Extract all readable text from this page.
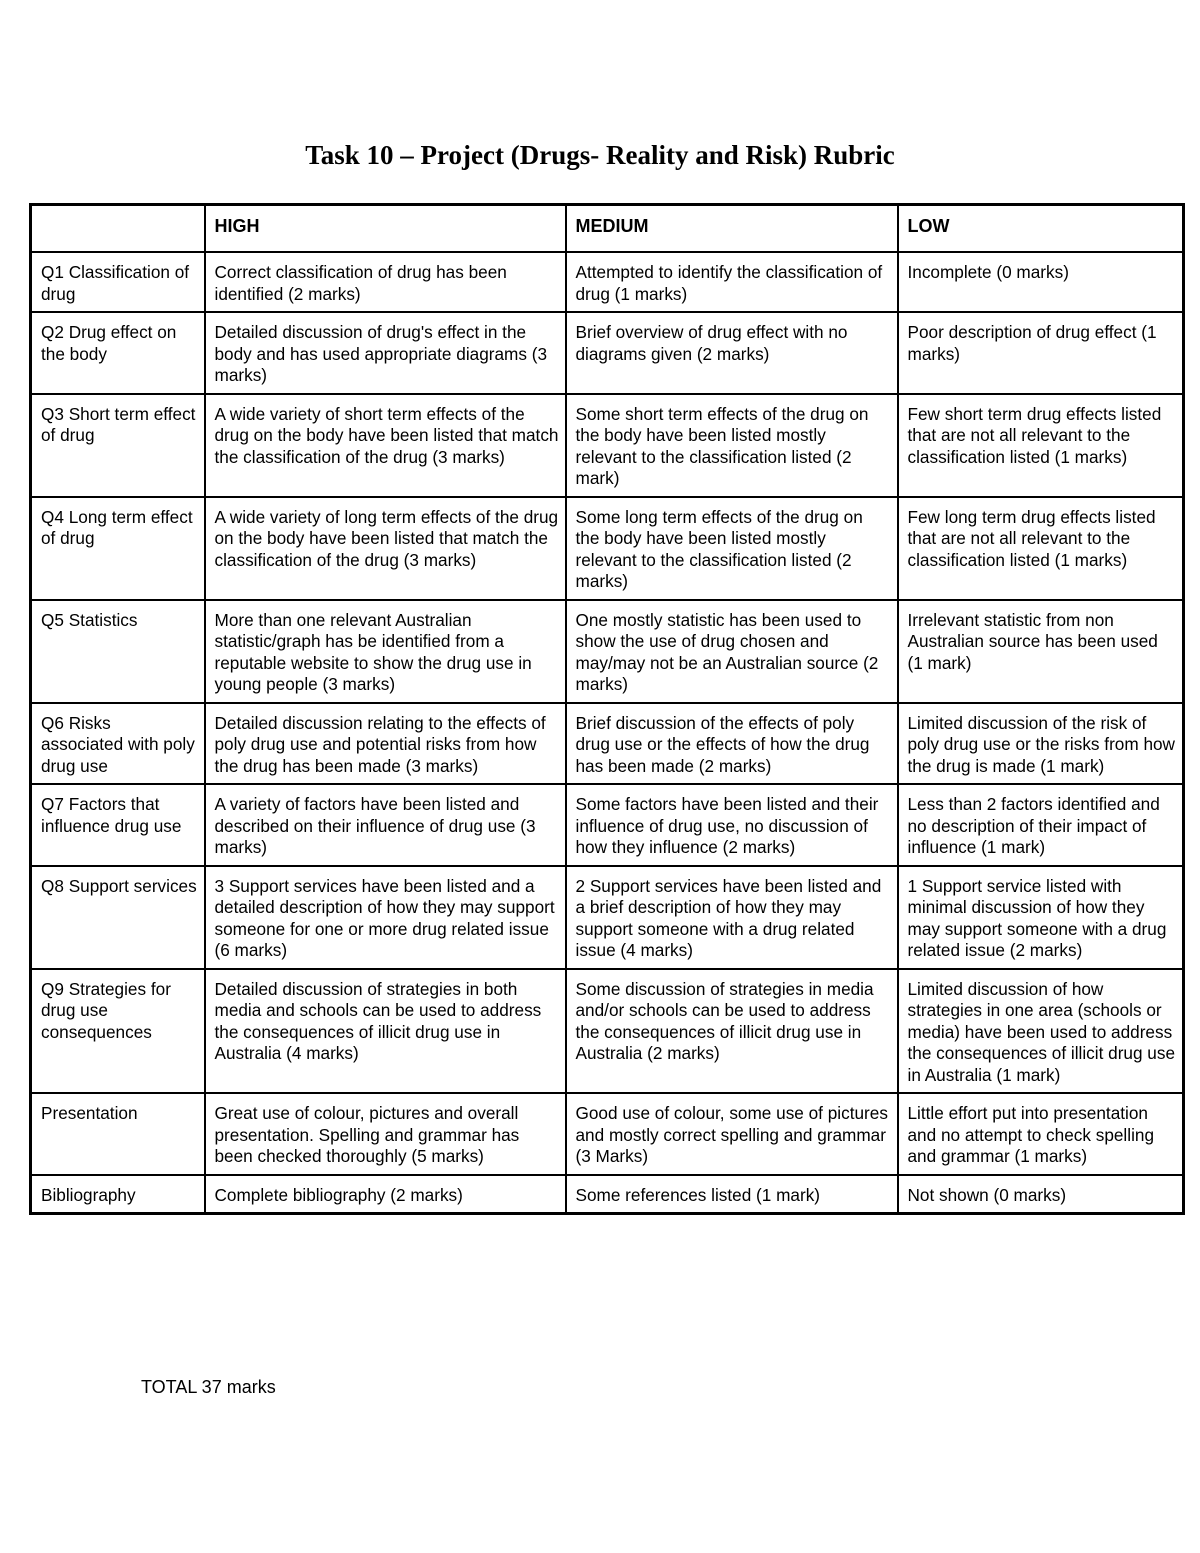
Task 10 – Project (Drugs- Reality and Risk) Rubric
	HIGH	MEDIUM	LOW
Q1 Classification of drug	Correct classification of drug has been identified (2 marks)	Attempted to identify the classification of drug (1 marks)	Incomplete (0 marks)
Q2 Drug effect on the body	Detailed discussion of drug's effect in the body and has used appropriate diagrams (3 marks)	Brief overview of drug effect with no diagrams given (2 marks)	Poor description of drug effect (1 marks)
Q3 Short term effect of drug	A wide variety of short term effects of the drug on the body have been listed that match the classification of the drug (3 marks)	Some short term effects of the drug on the body have been listed mostly relevant to the classification listed (2 mark)	Few short term drug effects listed that are not all relevant to the classification listed (1 marks)
Q4 Long term effect of drug	A wide variety of long term effects of the drug on the body have been listed that match the classification of the drug (3 marks)	Some long term effects of the drug on the body have been listed mostly relevant to the classification listed (2 marks)	Few long term drug effects listed that are not all relevant to the classification listed (1 marks)
Q5 Statistics	More than one relevant Australian statistic/graph has be identified from a reputable website to show the drug use in young people (3 marks)	One mostly statistic has been used to show the use of drug chosen and may/may not be an Australian source (2 marks)	Irrelevant statistic from non Australian source has been used (1 mark)
Q6 Risks associated with poly drug use	Detailed discussion relating to the effects of poly drug use and potential risks from how the drug has been made (3 marks)	Brief discussion of the effects of poly drug use or the effects of how the drug has been made (2 marks)	Limited discussion of the risk of poly drug use or the risks from how the drug is made (1 mark)
Q7 Factors that influence drug use	A variety of factors have been listed and described on their influence of drug use (3 marks)	Some factors have been listed and their influence of drug use, no discussion of how they influence (2 marks)	Less than 2 factors identified and no description of their impact of influence (1 mark)
Q8 Support services	3 Support services have been listed and a detailed description of how they may support someone for one or more drug related issue (6 marks)	2 Support services have been listed and a brief description of how they may support someone with a drug related issue (4 marks)	1 Support service listed with minimal discussion of how they may support someone with a drug related issue (2 marks)
Q9 Strategies for drug use consequences	Detailed discussion of strategies in both media and schools can be used to address the consequences of illicit drug use in Australia (4 marks)	Some discussion of strategies in media and/or schools can be used to address the consequences of illicit drug use in Australia (2 marks)	Limited discussion of how strategies in one area (schools or media) have been used to address the consequences of illicit drug use in Australia (1 mark)
Presentation	Great use of colour, pictures and overall presentation. Spelling and grammar has been checked thoroughly (5 marks)	Good use of colour, some use of pictures and mostly correct spelling and grammar (3 Marks)	Little effort put into presentation and no attempt to check spelling and grammar (1 marks)
Bibliography	Complete bibliography (2 marks)	Some references listed (1 mark)	Not shown (0 marks)
TOTAL 37 marks
